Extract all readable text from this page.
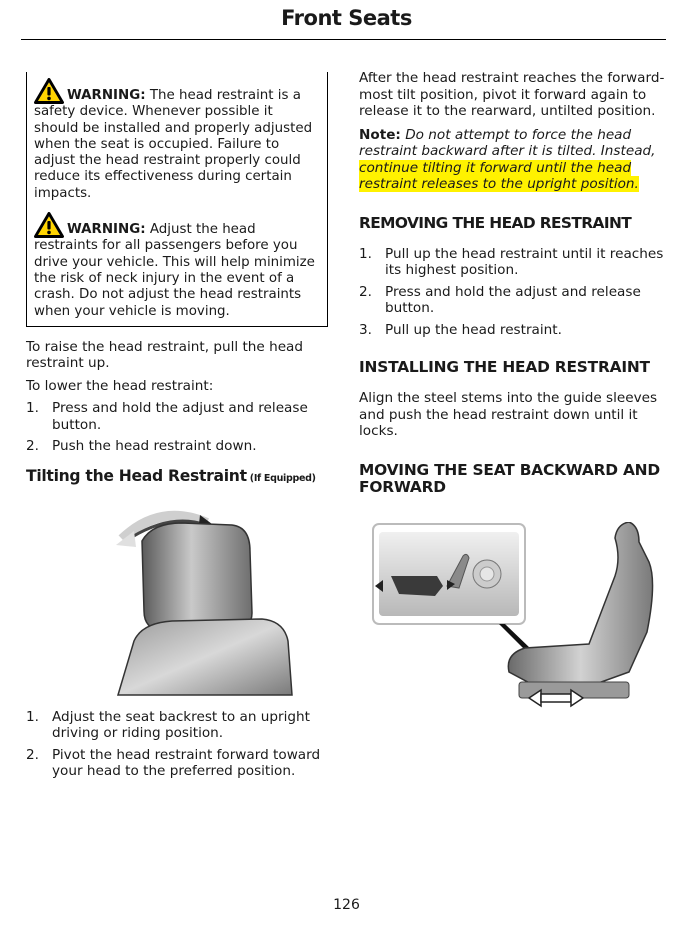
Front Seats

WARNING: The head restraint is a safety device. Whenever possible it should be installed and properly adjusted when the seat is occupied. Failure to adjust the head restraint properly could reduce its effectiveness during certain impacts.

WARNING: Adjust the head restraints for all passengers before you drive your vehicle. This will help minimize the risk of neck injury in the event of a crash. Do not adjust the head restraints when your vehicle is moving.

To raise the head restraint, pull the head restraint up.

To lower the head restraint:

1. Press and hold the adjust and release button.
2. Push the head restraint down.

Tilting the Head Restraint (If Equipped)

1. Adjust the seat backrest to an upright driving or riding position.
2. Pivot the head restraint forward toward your head to the preferred position.

After the head restraint reaches the forward-most tilt position, pivot it forward again to release it to the rearward, untilted position.

Note: Do not attempt to force the head restraint backward after it is tilted. Instead, continue tilting it forward until the head restraint releases to the upright position.

REMOVING THE HEAD RESTRAINT

1. Pull up the head restraint until it reaches its highest position.
2. Press and hold the adjust and release button.
3. Pull up the head restraint.

INSTALLING THE HEAD RESTRAINT

Align the steel stems into the guide sleeves and push the head restraint down until it locks.

MOVING THE SEAT BACKWARD AND FORWARD

126
